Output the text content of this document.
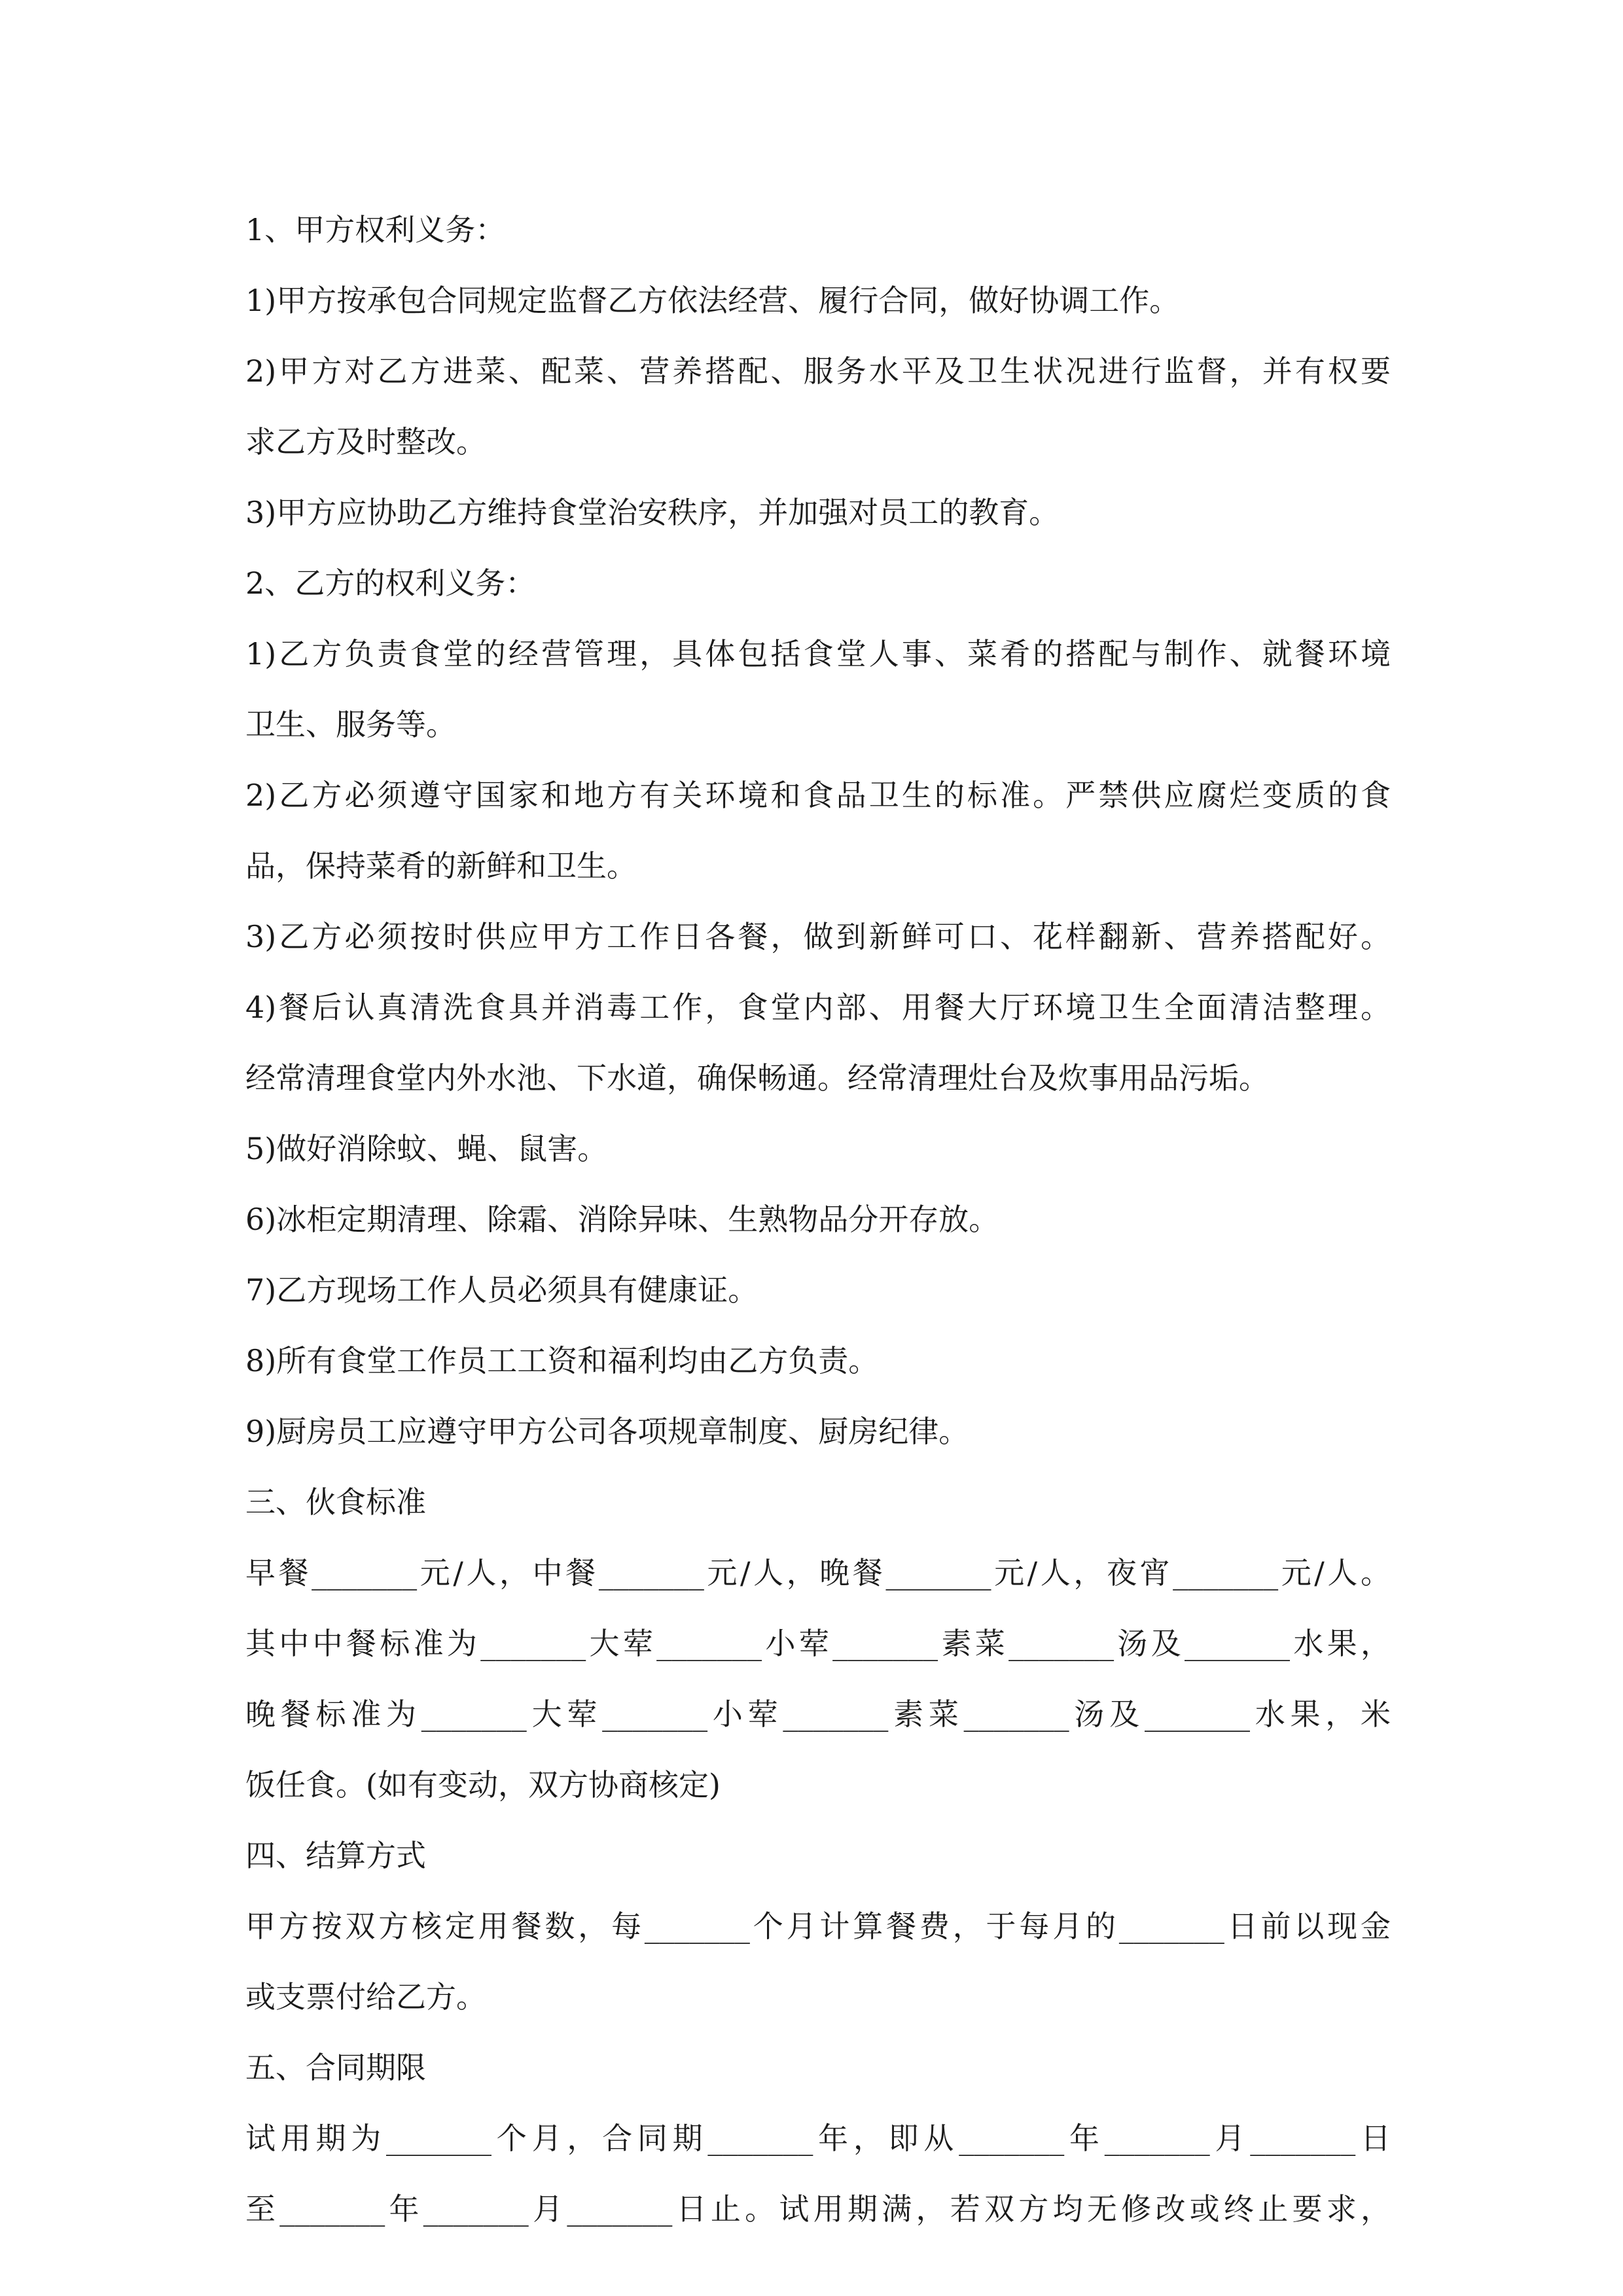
1、甲方权利义务：
1)甲方按承包合同规定监督乙方依法经营、履行合同，做好协调工作。
2)甲方对乙方进菜、配菜、营养搭配、服务水平及卫生状况进行监督，并有权要
求乙方及时整改。
3)甲方应协助乙方维持食堂治安秩序，并加强对员工的教育。
2、乙方的权利义务：
1)乙方负责食堂的经营管理，具体包括食堂人事、菜肴的搭配与制作、就餐环境
卫生、服务等。
2)乙方必须遵守国家和地方有关环境和食品卫生的标准。严禁供应腐烂变质的食
品，保持菜肴的新鲜和卫生。
3)乙方必须按时供应甲方工作日各餐，做到新鲜可口、花样翻新、营养搭配好。
4)餐后认真清洗食具并消毒工作，食堂内部、用餐大厅环境卫生全面清洁整理。
经常清理食堂内外水池、下水道，确保畅通。经常清理灶台及炊事用品污垢。
5)做好消除蚊、蝇、鼠害。
6)冰柜定期清理、除霜、消除异味、生熟物品分开存放。
7)乙方现场工作人员必须具有健康证。
8)所有食堂工作员工工资和福利均由乙方负责。
9)厨房员工应遵守甲方公司各项规章制度、厨房纪律。
三、伙食标准
早餐_______元/人，中餐_______元/人，晚餐_______元/人，夜宵_______元/人。
其中中餐标准为_______大荤_______小荤_______素菜_______汤及_______水果，
晚餐标准为_______大荤_______小荤_______素菜_______汤及_______水果，米
饭任食。(如有变动，双方协商核定)
四、结算方式
甲方按双方核定用餐数，每_______个月计算餐费，于每月的_______日前以现金
或支票付给乙方。
五、合同期限
试用期为_______个月，合同期_______年，即从_______年_______月_______日
至_______年_______月_______日止。试用期满，若双方均无修改或终止要求，
